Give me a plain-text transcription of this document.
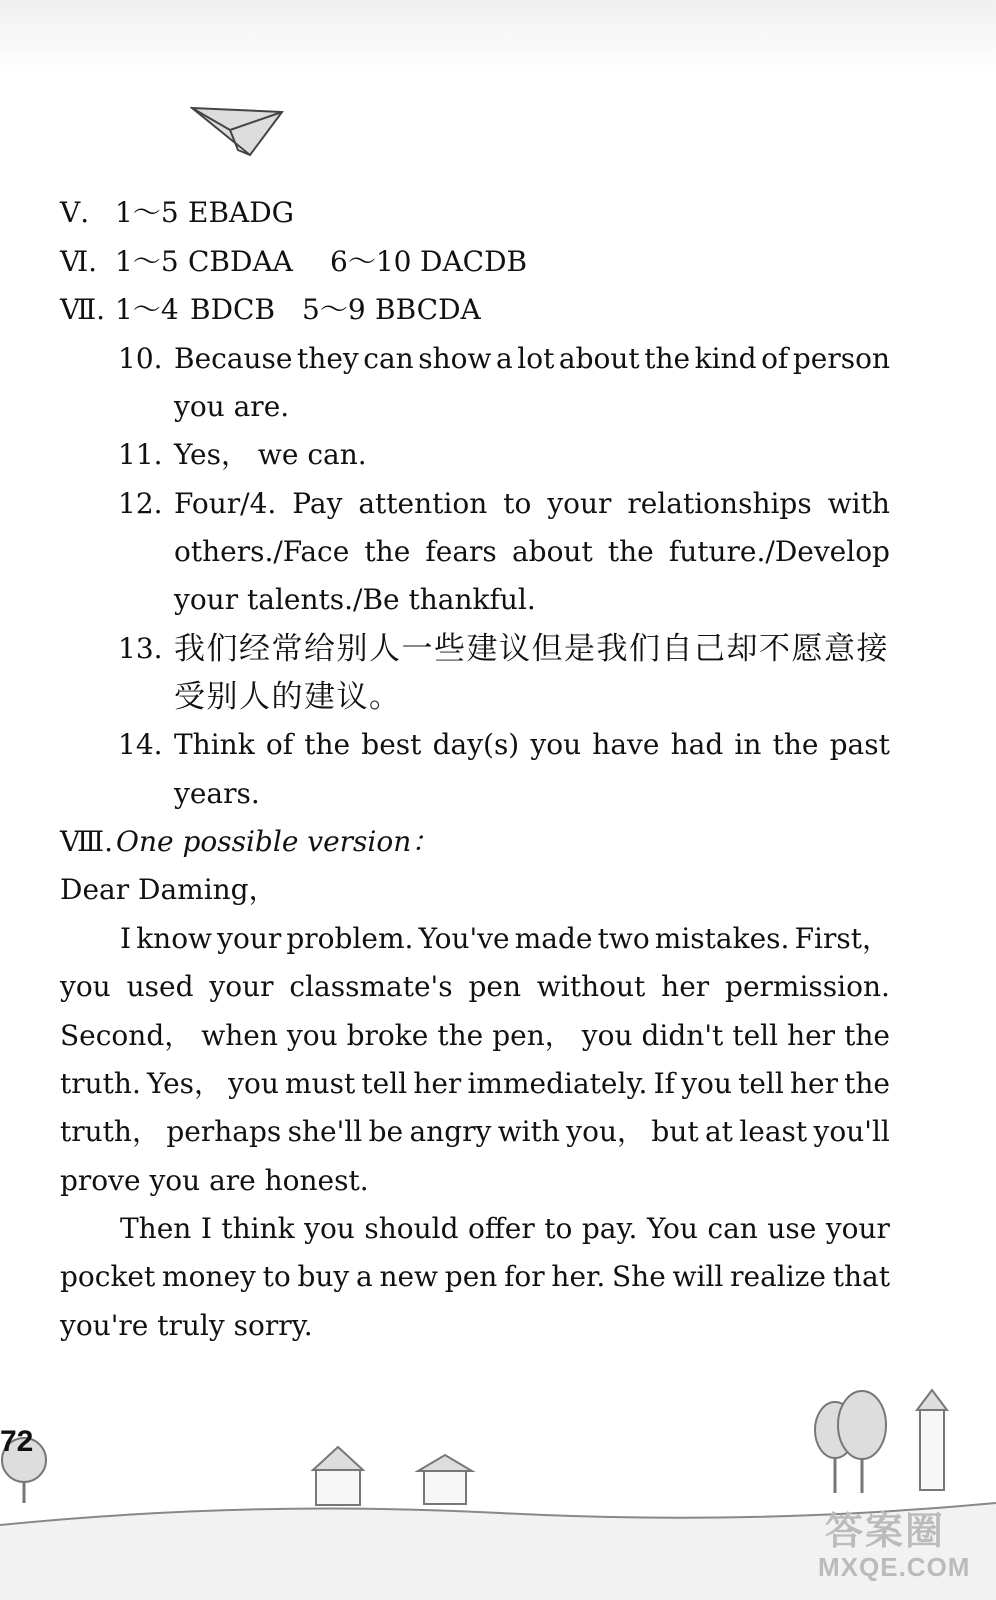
Ⅴ.

1～5

EBADG

Ⅵ.

1～5

CBDAA

6～10

DACDB

Ⅶ.

1～4

BDCB

5～9

BBCDA

10.

Because they can show a lot about the kind of person

you are.

11.

Yes， we can.

12.

Four/4. Pay attention to your relationships with

others./Face the fears about the future./Develop

your talents./Be thankful.

13.

我们经常给别人一些建议但是我们自己却不愿意接

受别人的建议。

14.

Think of the best day(s) you have had in the past

years.

Ⅷ.

One possible version：

Dear Daming，

I know your problem. You've made two mistakes. First，

you used your classmate's pen without her permission.

Second， when you broke the pen， you didn't tell her the

truth. Yes， you must tell her immediately. If you tell her the

truth， perhaps she'll be angry with you， but at least you'll

prove you are honest.

Then I think you should offer to pay. You can use your

pocket money to buy a new pen for her. She will realize that

you're truly sorry.

72
答案圈
MXQE.COM
